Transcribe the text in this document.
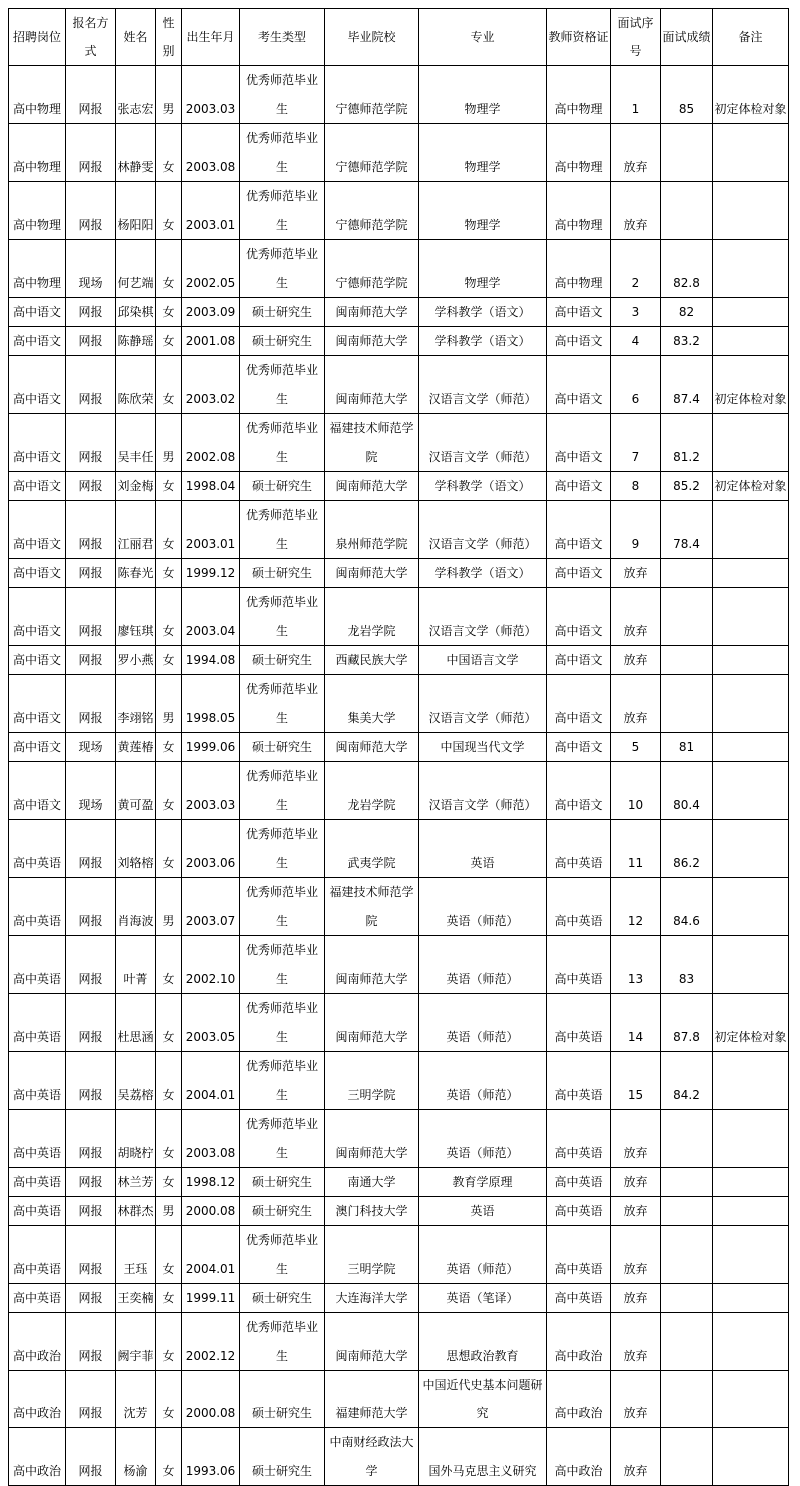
招聘岗位	报名方式	姓名	性别	出生年月	考生类型	毕业院校	专业	教师资格证	面试序号	面试成绩	备注
高中物理	网报	张志宏	男	2003.03	优秀师范毕业生	宁德师范学院	物理学	高中物理	1	85	初定体检对象
高中物理	网报	林静雯	女	2003.08	优秀师范毕业生	宁德师范学院	物理学	高中物理	放弃		
高中物理	网报	杨阳阳	女	2003.01	优秀师范毕业生	宁德师范学院	物理学	高中物理	放弃		
高中物理	现场	何艺端	女	2002.05	优秀师范毕业生	宁德师范学院	物理学	高中物理	2	82.8	
高中语文	网报	邱染棋	女	2003.09	硕士研究生	闽南师范大学	学科教学（语文）	高中语文	3	82	
高中语文	网报	陈静瑶	女	2001.08	硕士研究生	闽南师范大学	学科教学（语文）	高中语文	4	83.2	
高中语文	网报	陈欣荣	女	2003.02	优秀师范毕业生	闽南师范大学	汉语言文学（师范）	高中语文	6	87.4	初定体检对象
高中语文	网报	吴丰任	男	2002.08	优秀师范毕业生	福建技术师范学院	汉语言文学（师范）	高中语文	7	81.2	
高中语文	网报	刘金梅	女	1998.04	硕士研究生	闽南师范大学	学科教学（语文）	高中语文	8	85.2	初定体检对象
高中语文	网报	江丽君	女	2003.01	优秀师范毕业生	泉州师范学院	汉语言文学（师范）	高中语文	9	78.4	
高中语文	网报	陈春光	女	1999.12	硕士研究生	闽南师范大学	学科教学（语文）	高中语文	放弃		
高中语文	网报	廖钰琪	女	2003.04	优秀师范毕业生	龙岩学院	汉语言文学（师范）	高中语文	放弃		
高中语文	网报	罗小燕	女	1994.08	硕士研究生	西藏民族大学	中国语言文学	高中语文	放弃		
高中语文	网报	李翊铭	男	1998.05	优秀师范毕业生	集美大学	汉语言文学（师范）	高中语文	放弃		
高中语文	现场	黄莲椿	女	1999.06	硕士研究生	闽南师范大学	中国现当代文学	高中语文	5	81	
高中语文	现场	黄可盈	女	2003.03	优秀师范毕业生	龙岩学院	汉语言文学（师范）	高中语文	10	80.4	
高中英语	网报	刘辂榕	女	2003.06	优秀师范毕业生	武夷学院	英语	高中英语	11	86.2	
高中英语	网报	肖海波	男	2003.07	优秀师范毕业生	福建技术师范学院	英语（师范）	高中英语	12	84.6	
高中英语	网报	叶菁	女	2002.10	优秀师范毕业生	闽南师范大学	英语（师范）	高中英语	13	83	
高中英语	网报	杜思涵	女	2003.05	优秀师范毕业生	闽南师范大学	英语（师范）	高中英语	14	87.8	初定体检对象
高中英语	网报	吴荔榕	女	2004.01	优秀师范毕业生	三明学院	英语（师范）	高中英语	15	84.2	
高中英语	网报	胡晓柠	女	2003.08	优秀师范毕业生	闽南师范大学	英语（师范）	高中英语	放弃		
高中英语	网报	林兰芳	女	1998.12	硕士研究生	南通大学	教育学原理	高中英语	放弃		
高中英语	网报	林群杰	男	2000.08	硕士研究生	澳门科技大学	英语	高中英语	放弃		
高中英语	网报	王珏	女	2004.01	优秀师范毕业生	三明学院	英语（师范）	高中英语	放弃		
高中英语	网报	王奕楠	女	1999.11	硕士研究生	大连海洋大学	英语（笔译）	高中英语	放弃		
高中政治	网报	阙宇菲	女	2002.12	优秀师范毕业生	闽南师范大学	思想政治教育	高中政治	放弃		
高中政治	网报	沈芳	女	2000.08	硕士研究生	福建师范大学	中国近代史基本问题研究	高中政治	放弃		
高中政治	网报	杨渝	女	1993.06	硕士研究生	中南财经政法大学	国外马克思主义研究	高中政治	放弃		
